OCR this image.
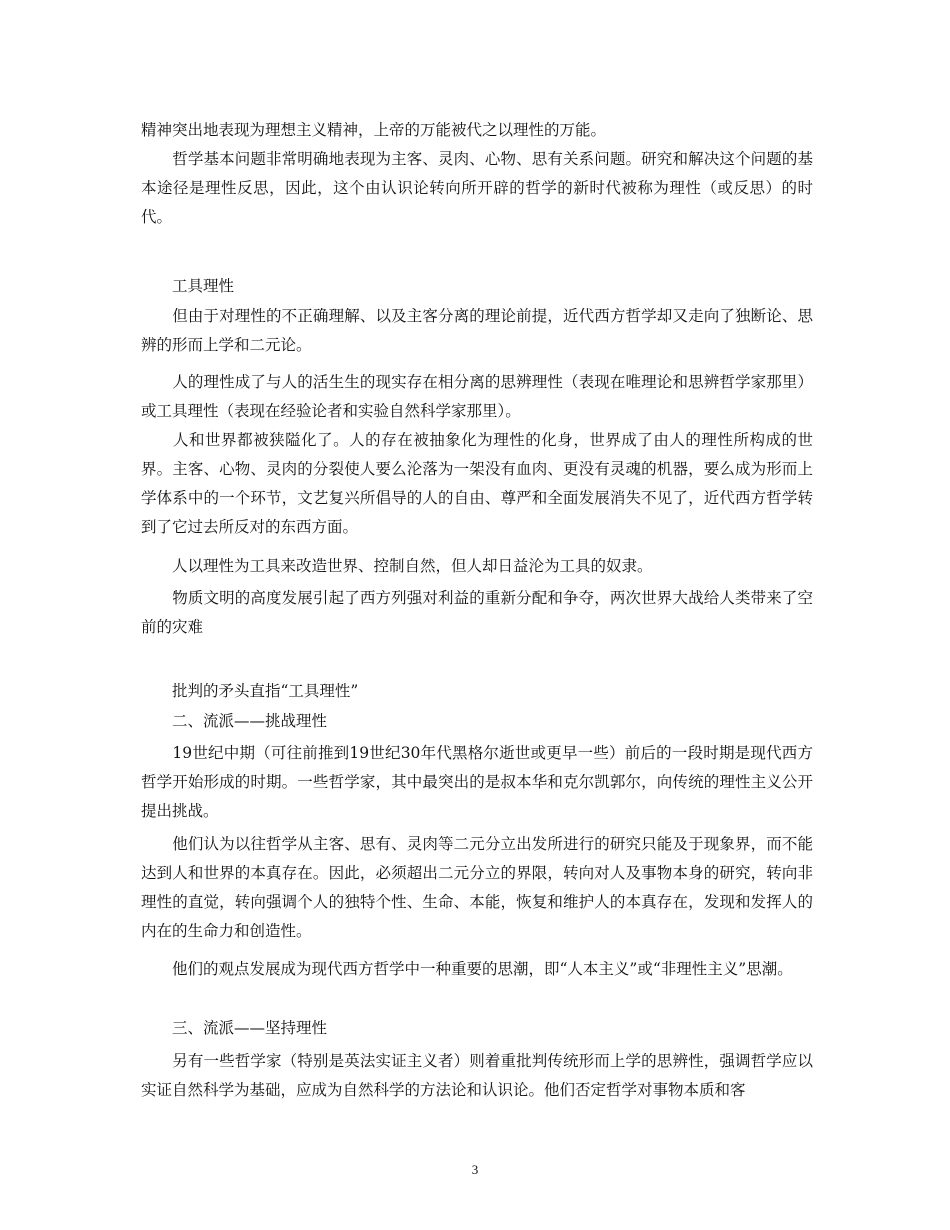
精神突出地表现为理想主义精神，上帝的万能被代之以理性的万能。

　　哲学基本问题非常明确地表现为主客、灵肉、心物、思有关系问题。研究和解决这个问题的基本途径是理性反思，因此，这个由认识论转向所开辟的哲学的新时代被称为理性（或反思）的时代。

　　工具理性

　　但由于对理性的不正确理解、以及主客分离的理论前提，近代西方哲学却又走向了独断论、思辨的形而上学和二元论。

　　人的理性成了与人的活生生的现实存在相分离的思辨理性（表现在唯理论和思辨哲学家那里）或工具理性（表现在经验论者和实验自然科学家那里）。

　　人和世界都被狭隘化了。人的存在被抽象化为理性的化身，世界成了由人的理性所构成的世界。主客、心物、灵肉的分裂使人要么沦落为一架没有血肉、更没有灵魂的机器，要么成为形而上学体系中的一个环节，文艺复兴所倡导的人的自由、尊严和全面发展消失不见了，近代西方哲学转到了它过去所反对的东西方面。

　　人以理性为工具来改造世界、控制自然，但人却日益沦为工具的奴隶。

　　物质文明的高度发展引起了西方列强对利益的重新分配和争夺，两次世界大战给人类带来了空前的灾难

　　批判的矛头直指“工具理性”

　　二、流派——挑战理性

　　19世纪中期（可往前推到19世纪30年代黑格尔逝世或更早一些）前后的一段时期是现代西方哲学开始形成的时期。一些哲学家，其中最突出的是叔本华和克尔凯郭尔，向传统的理性主义公开提出挑战。

　　他们认为以往哲学从主客、思有、灵肉等二元分立出发所进行的研究只能及于现象界，而不能达到人和世界的本真存在。因此，必须超出二元分立的界限，转向对人及事物本身的研究，转向非理性的直觉，转向强调个人的独特个性、生命、本能，恢复和维护人的本真存在，发现和发挥人的内在的生命力和创造性。

　　他们的观点发展成为现代西方哲学中一种重要的思潮，即“人本主义”或“非理性主义”思潮。

　　三、流派——坚持理性

　　另有一些哲学家（特别是英法实证主义者）则着重批判传统形而上学的思辨性，强调哲学应以实证自然科学为基础，应成为自然科学的方法论和认识论。他们否定哲学对事物本质和客

3
